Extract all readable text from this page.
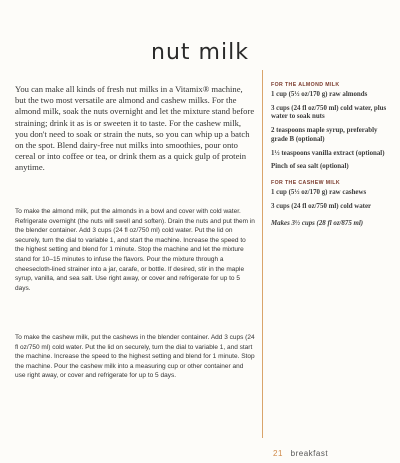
nut milk
You can make all kinds of fresh nut milks in a Vitamix® machine, but the two most versatile are almond and cashew milks. For the almond milk, soak the nuts overnight and let the mixture stand before straining; drink it as is or sweeten it to taste. For the cashew milk, you don't need to soak or strain the nuts, so you can whip up a batch on the spot. Blend dairy-free nut milks into smoothies, pour onto cereal or into coffee or tea, or drink them as a quick gulp of protein anytime.

To make the almond milk, put the almonds in a bowl and cover with cold water. Refrigerate overnight (the nuts will swell and soften). Drain the nuts and put them in the blender container. Add 3 cups (24 fl oz/750 ml) cold water. Put the lid on securely, turn the dial to variable 1, and start the machine. Increase the speed to the highest setting and blend for 1 minute. Stop the machine and let the mixture stand for 10–15 minutes to infuse the flavors. Pour the mixture through a cheesecloth-lined strainer into a jar, carafe, or bottle. If desired, stir in the maple syrup, vanilla, and sea salt. Use right away, or cover and refrigerate for up to 5 days.

To make the cashew milk, put the cashews in the blender container. Add 3 cups (24 fl oz/750 ml) cold water. Put the lid on securely, turn the dial to variable 1, and start the machine. Increase the speed to the highest setting and blend for 1 minute. Stop the machine. Pour the cashew milk into a measuring cup or other container and use right away, or cover and refrigerate for up to 5 days.

FOR THE ALMOND MILK
1 cup (5½ oz/170 g) raw almonds
3 cups (24 fl oz/750 ml) cold water, plus water to soak nuts
2 teaspoons maple syrup, preferably grade B (optional)
1½ teaspoons vanilla extract (optional)
Pinch of sea salt (optional)
FOR THE CASHEW MILK
1 cup (5½ oz/170 g) raw cashews
3 cups (24 fl oz/750 ml) cold water
Makes 3½ cups (28 fl oz/875 ml)
21 breakfast
